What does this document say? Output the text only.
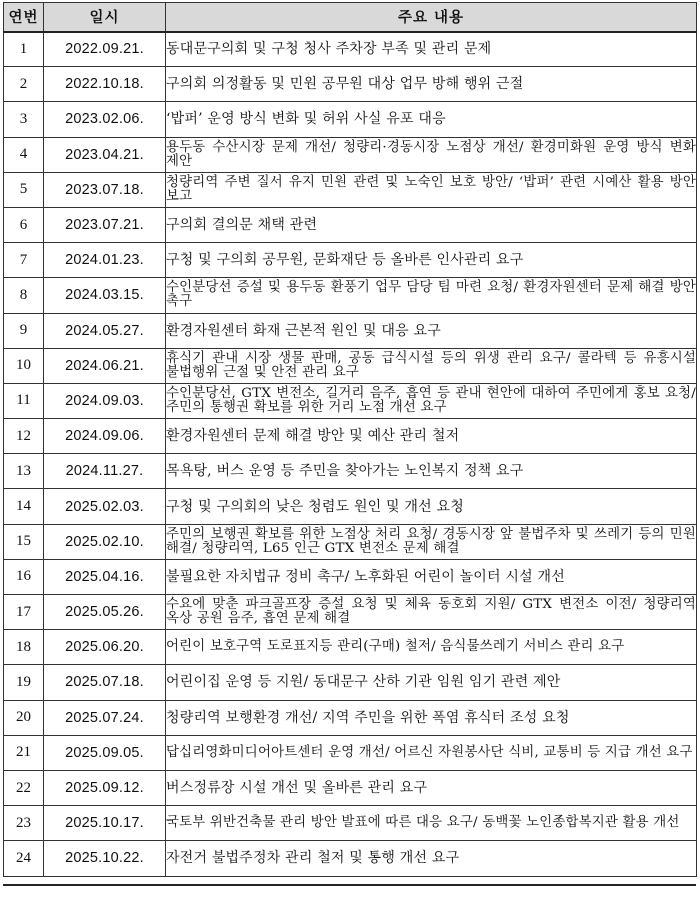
연번	일시	주요 내용
1	2022.09.21.	동대문구의회 및 구청 청사 주차장 부족 및 관리 문제

2	2022.10.18.	구의회 의정활동 및 민원 공무원 대상 업무 방해 행위 근절

3	2023.02.06.	‘밥퍼’ 운영 방식 변화 및 허위 사실 유포 대응

4	2023.04.21.	용두동 수산시장 문제 개선/ 청량리·경동시장 노점상 개선/ 환경미화원 운영 방식 변화 제안

5	2023.07.18.	청량리역 주변 질서 유지 민원 관련 및 노숙인 보호 방안/ ‘밥퍼’ 관련 시예산 활용 방안 보고

6	2023.07.21.	구의회 결의문 채택 관련

7	2024.01.23.	구청 및 구의회 공무원, 문화재단 등 올바른 인사관리 요구

8	2024.03.15.	수인분당선 증설 및 용두동 환풍기 업무 담당 팀 마련 요청/ 환경자원센터 문제 해결 방안 촉구

9	2024.05.27.	환경자원센터 화재 근본적 원인 및 대응 요구

10	2024.06.21.	휴식기 관내 시장 생물 판매, 공동 급식시설 등의 위생 관리 요구/ 콜라텍 등 유흥시설 불법행위 근절 및 안전 관리 요구

11	2024.09.03.	수인분당선, GTX 변전소, 길거리 음주, 흡연 등 관내 현안에 대하여 주민에게 홍보 요청/ 주민의 통행권 확보를 위한 거리 노점 개선 요구

12	2024.09.06.	환경자원센터 문제 해결 방안 및 예산 관리 철저

13	2024.11.27.	목욕탕, 버스 운영 등 주민을 찾아가는 노인복지 정책 요구

14	2025.02.03.	구청 및 구의회의 낮은 청렴도 원인 및 개선 요청

15	2025.02.10.	주민의 보행권 확보를 위한 노점상 처리 요청/ 경동시장 앞 불법주차 및 쓰레기 등의 민원 해결/ 청량리역, L65 인근 GTX 변전소 문제 해결

16	2025.04.16.	불필요한 자치법규 정비 촉구/ 노후화된 어린이 놀이터 시설 개선

17	2025.05.26.	수요에 맞춘 파크골프장 증설 요청 및 체육 동호회 지원/ GTX 변전소 이전/ 청량리역 옥상 공원 음주, 흡연 문제 해결

18	2025.06.20.	어린이 보호구역 도로표지등 관리(구매) 철저/ 음식물쓰레기 서비스 관리 요구

19	2025.07.18.	어린이집 운영 등 지원/ 동대문구 산하 기관 임원 임기 관련 제안

20	2025.07.24.	청량리역 보행환경 개선/ 지역 주민을 위한 폭염 휴식터 조성 요청

21	2025.09.05.	답십리영화미디어아트센터 운영 개선/ 어르신 자원봉사단 식비, 교통비 등 지급 개선 요구

22	2025.09.12.	버스정류장 시설 개선 및 올바른 관리 요구

23	2025.10.17.	국토부 위반건축물 관리 방안 발표에 따른 대응 요구/ 동백꽃 노인종합복지관 활용 개선

24	2025.10.22.	자전거 불법주정차 관리 철저 및 통행 개선 요구
